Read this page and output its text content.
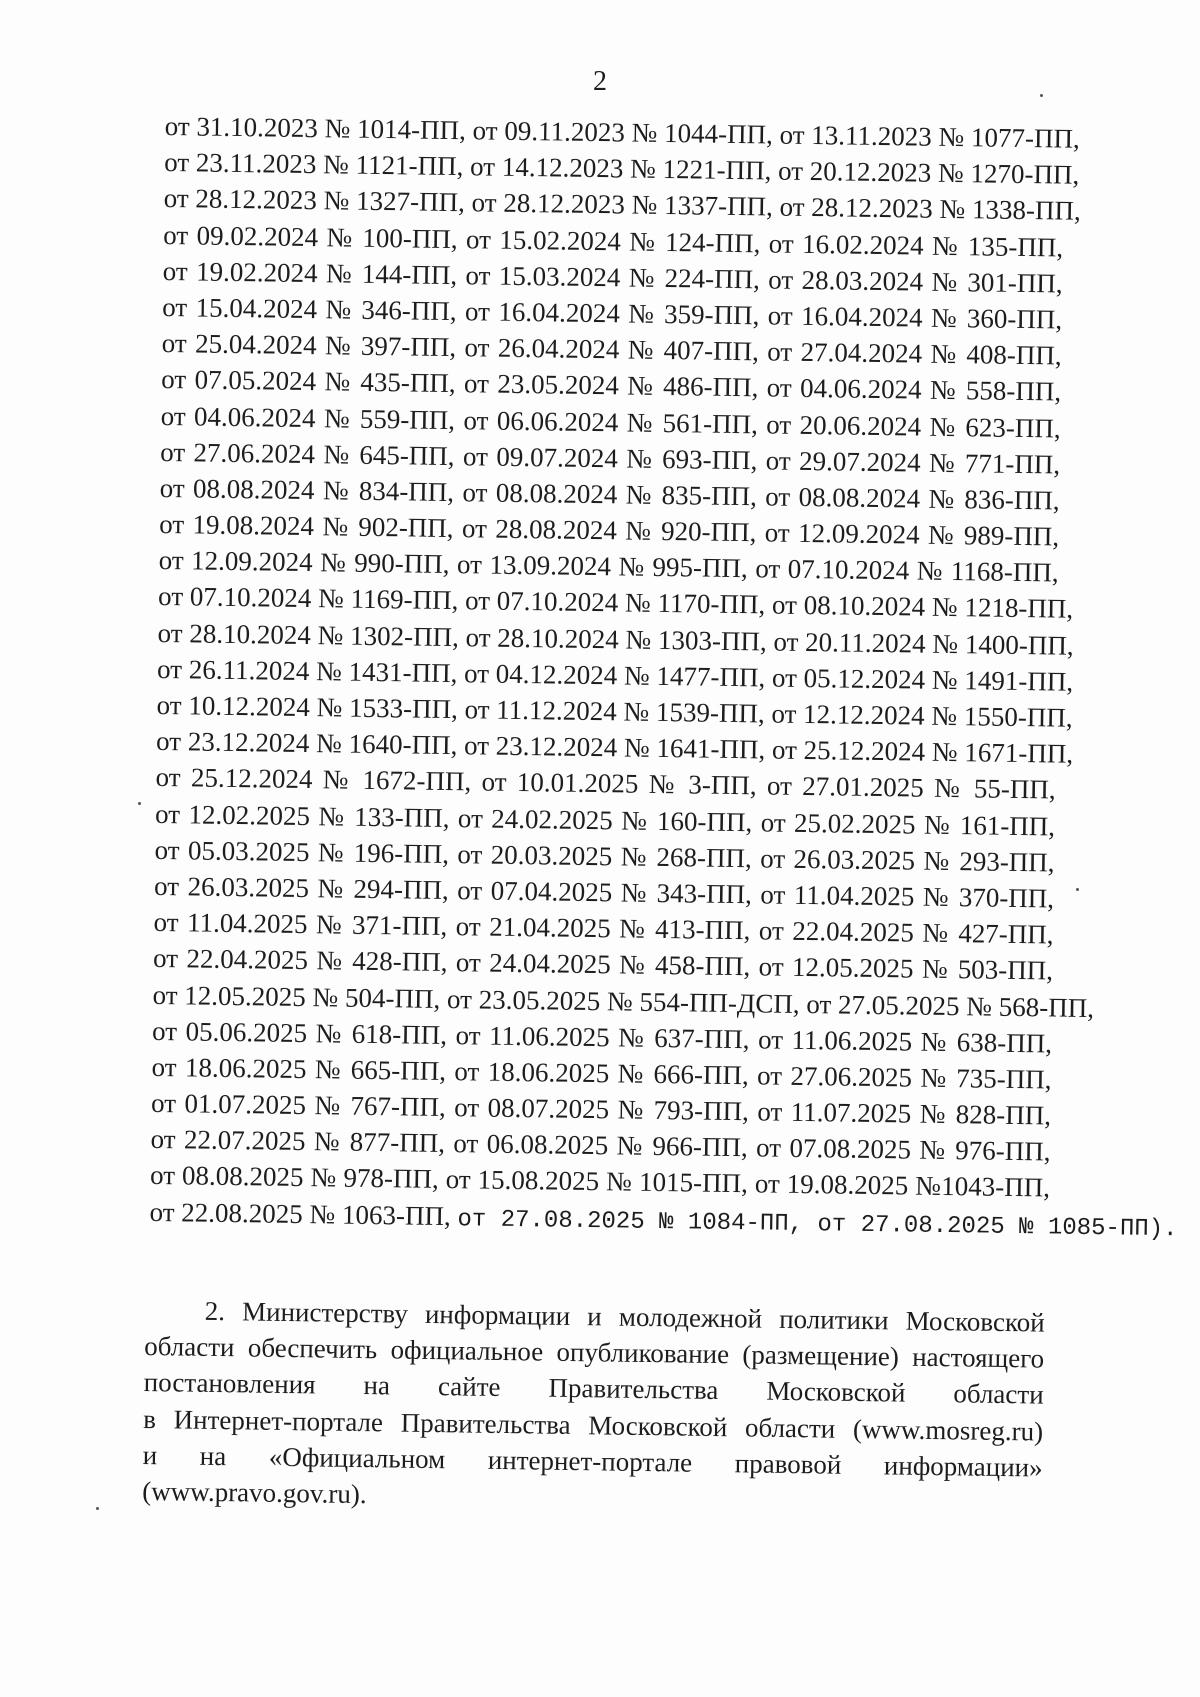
2
от 31.10.2023 № 1014-ПП, от 09.11.2023 № 1044-ПП, от 13.11.2023 № 1077-ПП,
от 23.11.2023 № 1121-ПП, от 14.12.2023 № 1221-ПП, от 20.12.2023 № 1270-ПП,
от 28.12.2023 № 1327-ПП, от 28.12.2023 № 1337-ПП, от 28.12.2023 № 1338-ПП,
от 09.02.2024 № 100-ПП, от 15.02.2024 № 124-ПП, от 16.02.2024 № 135-ПП,
от 19.02.2024 № 144-ПП, от 15.03.2024 № 224-ПП, от 28.03.2024 № 301-ПП,
от 15.04.2024 № 346-ПП, от 16.04.2024 № 359-ПП, от 16.04.2024 № 360-ПП,
от 25.04.2024 № 397-ПП, от 26.04.2024 № 407-ПП, от 27.04.2024 № 408-ПП,
от 07.05.2024 № 435-ПП, от 23.05.2024 № 486-ПП, от 04.06.2024 № 558-ПП,
от 04.06.2024 № 559-ПП, от 06.06.2024 № 561-ПП, от 20.06.2024 № 623-ПП,
от 27.06.2024 № 645-ПП, от 09.07.2024 № 693-ПП, от 29.07.2024 № 771-ПП,
от 08.08.2024 № 834-ПП, от 08.08.2024 № 835-ПП, от 08.08.2024 № 836-ПП,
от 19.08.2024 № 902-ПП, от 28.08.2024 № 920-ПП, от 12.09.2024 № 989-ПП,
от 12.09.2024 № 990-ПП, от 13.09.2024 № 995-ПП, от 07.10.2024 № 1168-ПП,
от 07.10.2024 № 1169-ПП, от 07.10.2024 № 1170-ПП, от 08.10.2024 № 1218-ПП,
от 28.10.2024 № 1302-ПП, от 28.10.2024 № 1303-ПП, от 20.11.2024 № 1400-ПП,
от 26.11.2024 № 1431-ПП, от 04.12.2024 № 1477-ПП, от 05.12.2024 № 1491-ПП,
от 10.12.2024 № 1533-ПП, от 11.12.2024 № 1539-ПП, от 12.12.2024 № 1550-ПП,
от 23.12.2024 № 1640-ПП, от 23.12.2024 № 1641-ПП, от 25.12.2024 № 1671-ПП,
от 25.12.2024 № 1672-ПП, от 10.01.2025 № 3-ПП, от 27.01.2025 № 55-ПП,
от 12.02.2025 № 133-ПП, от 24.02.2025 № 160-ПП, от 25.02.2025 № 161-ПП,
от 05.03.2025 № 196-ПП, от 20.03.2025 № 268-ПП, от 26.03.2025 № 293-ПП,
от 26.03.2025 № 294-ПП, от 07.04.2025 № 343-ПП, от 11.04.2025 № 370-ПП,
от 11.04.2025 № 371-ПП, от 21.04.2025 № 413-ПП, от 22.04.2025 № 427-ПП,
от 22.04.2025 № 428-ПП, от 24.04.2025 № 458-ПП, от 12.05.2025 № 503-ПП,
от 12.05.2025 № 504-ПП, от 23.05.2025 № 554-ПП-ДСП, от 27.05.2025 № 568-ПП,
от 05.06.2025 № 618-ПП, от 11.06.2025 № 637-ПП, от 11.06.2025 № 638-ПП,
от 18.06.2025 № 665-ПП, от 18.06.2025 № 666-ПП, от 27.06.2025 № 735-ПП,
от 01.07.2025 № 767-ПП, от 08.07.2025 № 793-ПП, от 11.07.2025 № 828-ПП,
от 22.07.2025 № 877-ПП, от 06.08.2025 № 966-ПП, от 07.08.2025 № 976-ПП,
от 08.08.2025 № 978-ПП, от 15.08.2025 № 1015-ПП, от 19.08.2025 №1043-ПП,
от 22.08.2025 № 1063-ПП, от 27.08.2025 № 1084-ПП, от 27.08.2025 № 1085-ПП).
2. Министерству информации и молодежной политики Московской
области обеспечить официальное опубликование (размещение) настоящего
постановления на сайте Правительства Московской области
в Интернет-портале Правительства Московской области (www.mosreg.ru)
и на «Официальном интернет-портале правовой информации»
(www.pravo.gov.ru).
